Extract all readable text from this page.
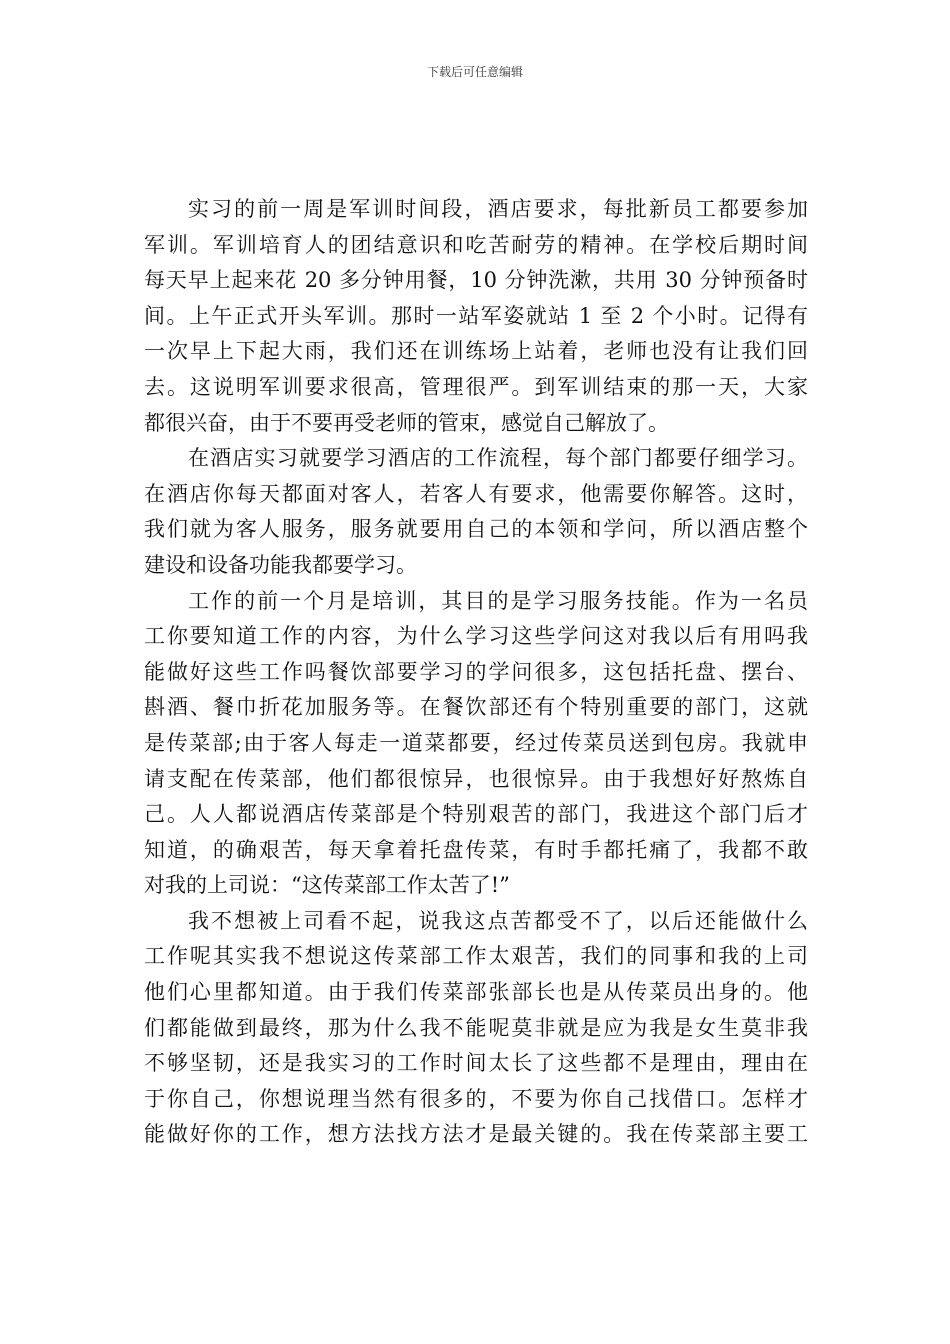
下载后可任意编辑
实习的前一周是军训时间段，酒店要求，每批新员工都要参加
军训。军训培育人的团结意识和吃苦耐劳的精神。在学校后期时间
每天早上起来花 20 多分钟用餐，10 分钟洗漱，共用 30 分钟预备时
间。上午正式开头军训。那时一站军姿就站 1 至 2 个小时。记得有
一次早上下起大雨，我们还在训练场上站着，老师也没有让我们回
去。这说明军训要求很高，管理很严。到军训结束的那一天，大家
都很兴奋，由于不要再受老师的管束，感觉自己解放了。
在酒店实习就要学习酒店的工作流程，每个部门都要仔细学习。
在酒店你每天都面对客人，若客人有要求，他需要你解答。这时，
我们就为客人服务，服务就要用自己的本领和学问，所以酒店整个
建设和设备功能我都要学习。
工作的前一个月是培训，其目的是学习服务技能。作为一名员
工你要知道工作的内容，为什么学习这些学问这对我以后有用吗我
能做好这些工作吗餐饮部要学习的学问很多，这包括托盘、摆台、
斟酒、餐巾折花加服务等。在餐饮部还有个特别重要的部门，这就
是传菜部;由于客人每走一道菜都要，经过传菜员送到包房。我就申
请支配在传菜部，他们都很惊异，也很惊异。由于我想好好熬炼自
己。人人都说酒店传菜部是个特别艰苦的部门，我进这个部门后才
知道，的确艰苦，每天拿着托盘传菜，有时手都托痛了，我都不敢
对我的上司说：“这传菜部工作太苦了!”
我不想被上司看不起，说我这点苦都受不了，以后还能做什么
工作呢其实我不想说这传菜部工作太艰苦，我们的同事和我的上司
他们心里都知道。由于我们传菜部张部长也是从传菜员出身的。他
们都能做到最终，那为什么我不能呢莫非就是应为我是女生莫非我
不够坚韧，还是我实习的工作时间太长了这些都不是理由，理由在
于你自己，你想说理当然有很多的，不要为你自己找借口。怎样才
能做好你的工作，想方法找方法才是最关键的。我在传菜部主要工
